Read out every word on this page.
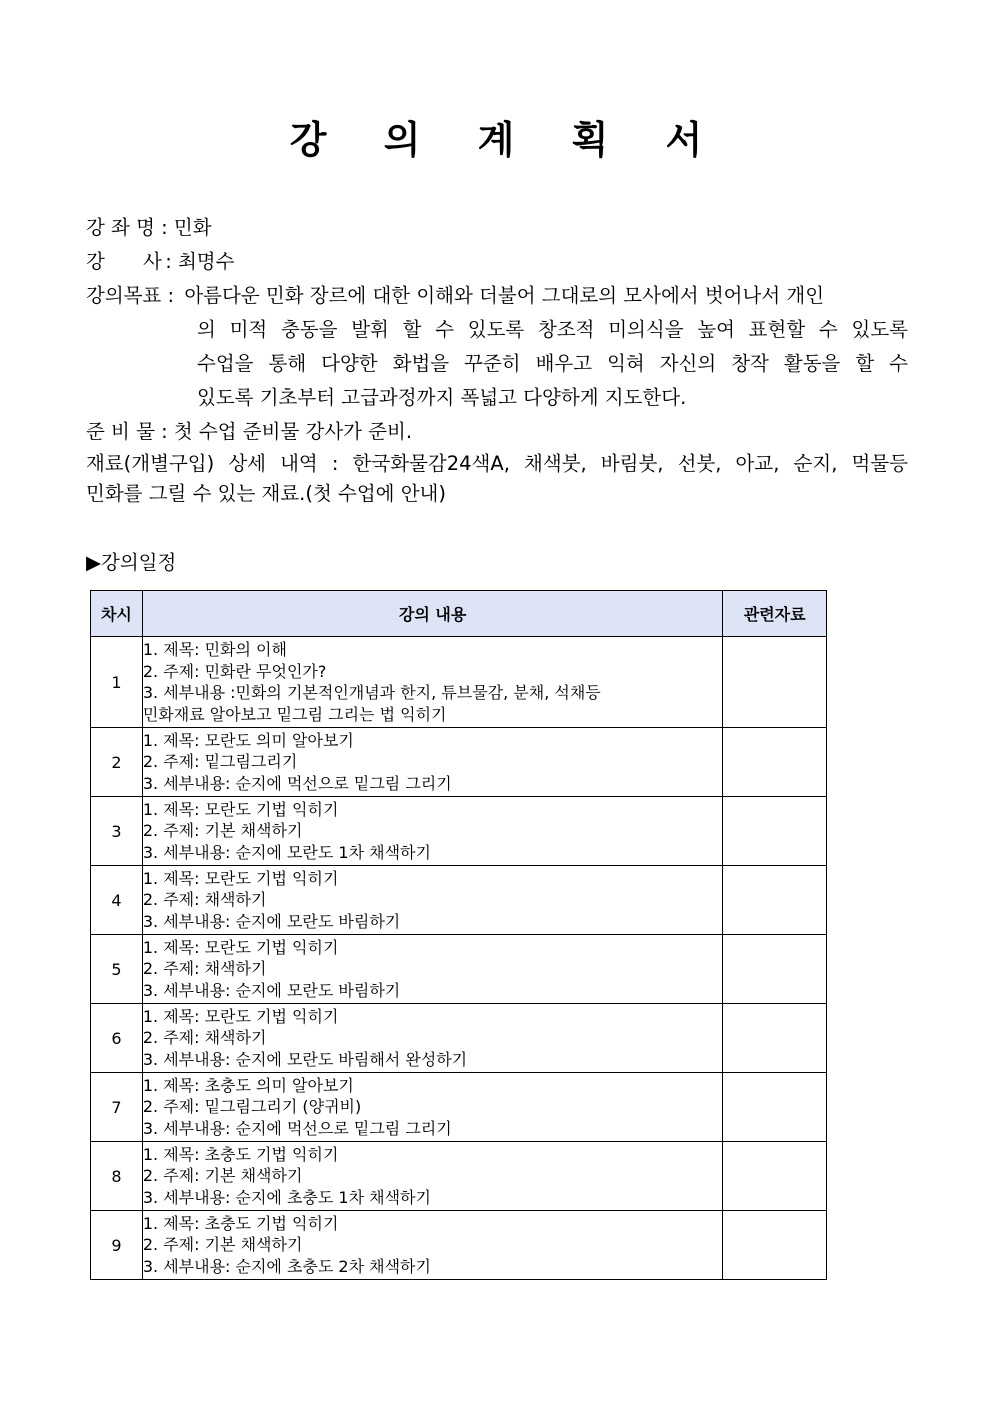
강 의 계 획 서
강 좌 명 : 민화
강 사
: 최명수
강의목표 : 아름다운 민화 장르에 대한 이해와 더불어 그대로의 모사에서 벗어나서 개인
의 미적 충동을 발휘 할 수 있도록 창조적 미의식을 높여 표현할 수 있도록
수업을 통해 다양한 화법을 꾸준히 배우고 익혀 자신의 창작 활동을 할 수
있도록 기초부터 고급과정까지 폭넓고 다양하게 지도한다.
준 비 물 : 첫 수업 준비물 강사가 준비.
재료(개별구입) 상세 내역 : 한국화물감24색A, 채색붓, 바림붓, 선붓, 아교, 순지, 먹물등
민화를 그릴 수 있는 재료.(첫 수업에 안내)
▶강의일정
차시	강의 내용	관련자료
1	1. 제목: 민화의 이해
2. 주제: 민화란 무엇인가?
3. 세부내용 :민화의 기본적인개념과 한지, 튜브물감, 분채, 석채등
민화재료 알아보고 밑그림 그리는 법 익히기	

2	1. 제목: 모란도 의미 알아보기
2. 주제: 밑그림그리기
3. 세부내용: 순지에 먹선으로 밑그림 그리기	

3	1. 제목: 모란도 기법 익히기
2. 주제: 기본 채색하기
3. 세부내용: 순지에 모란도 1차 채색하기	

4	1. 제목: 모란도 기법 익히기
2. 주제: 채색하기
3. 세부내용: 순지에 모란도 바림하기	

5	1. 제목: 모란도 기법 익히기
2. 주제: 채색하기
3. 세부내용: 순지에 모란도 바림하기	

6	1. 제목: 모란도 기법 익히기
2. 주제: 채색하기
3. 세부내용: 순지에 모란도 바림해서 완성하기	

7	1. 제목: 초충도 의미 알아보기
2. 주제: 밑그림그리기 (양귀비)
3. 세부내용: 순지에 먹선으로 밑그림 그리기	

8	1. 제목: 초충도 기법 익히기
2. 주제: 기본 채색하기
3. 세부내용: 순지에 초충도 1차 채색하기	

9	1. 제목: 초충도 기법 익히기
2. 주제: 기본 채색하기
3. 세부내용: 순지에 초충도 2차 채색하기	
